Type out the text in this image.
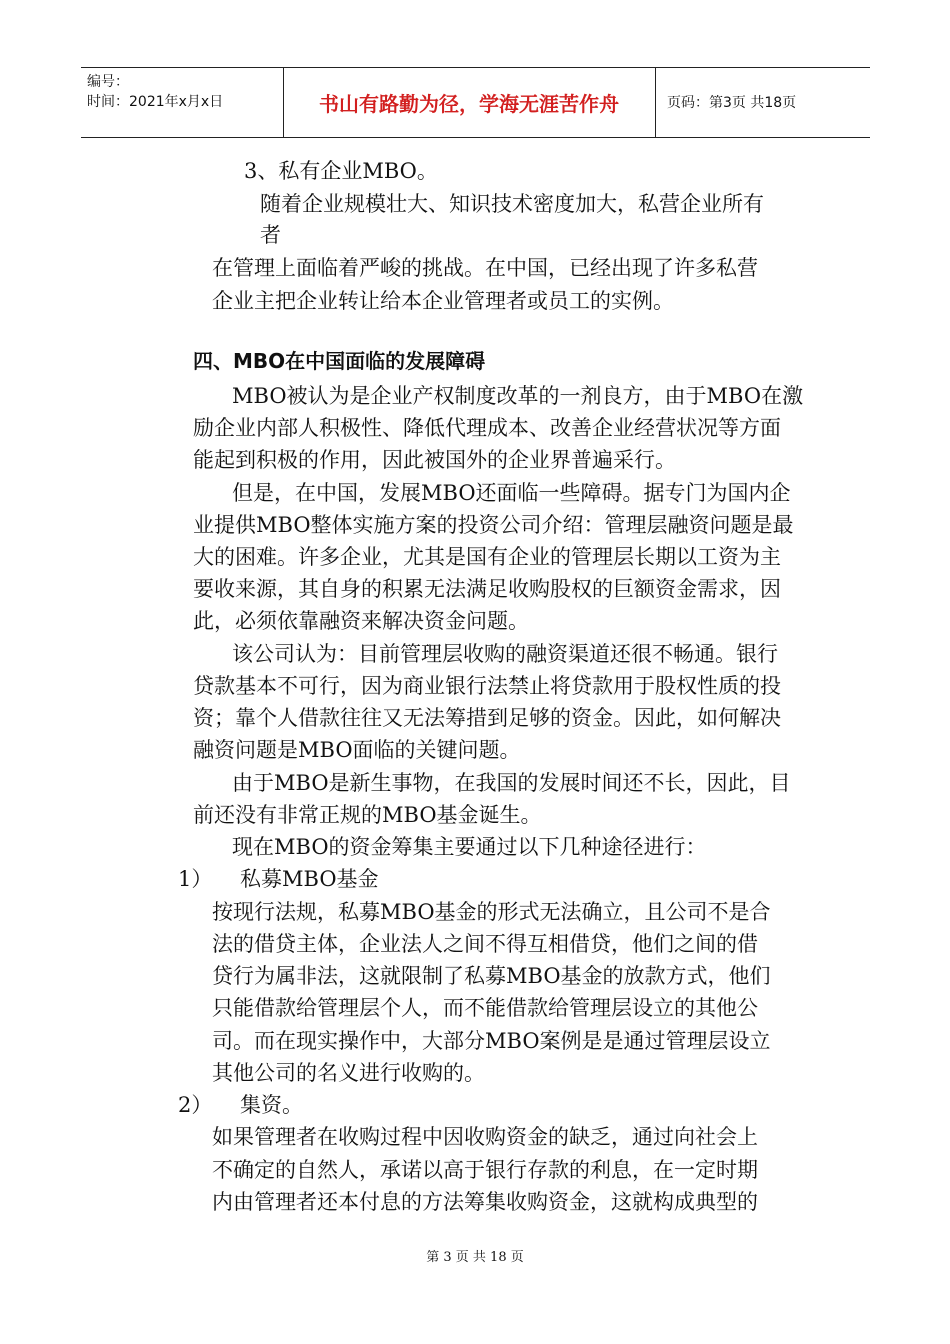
编号：
时间：2021年x月x日	书山有路勤为径，学海无涯苦作舟	页码：第3页 共18页
3、私有企业MBO。
随着企业规模壮大、知识技术密度加大，私营企业所有
者
在管理上面临着严峻的挑战。在中国，已经出现了许多私营
企业主把企业转让给本企业管理者或员工的实例。
四、MBO在中国面临的发展障碍
MBO被认为是企业产权制度改革的一剂良方，由于MBO在激
励企业内部人积极性、降低代理成本、改善企业经营状况等方面
能起到积极的作用，因此被国外的企业界普遍采行。
但是，在中国，发展MBO还面临一些障碍。据专门为国内企
业提供MBO整体实施方案的投资公司介绍：管理层融资问题是最
大的困难。许多企业，尤其是国有企业的管理层长期以工资为主
要收来源，其自身的积累无法满足收购股权的巨额资金需求，因
此，必须依靠融资来解决资金问题。
该公司认为：目前管理层收购的融资渠道还很不畅通。银行
贷款基本不可行，因为商业银行法禁止将贷款用于股权性质的投
资；靠个人借款往往又无法筹措到足够的资金。因此，如何解决
融资问题是MBO面临的关键问题。
由于MBO是新生事物，在我国的发展时间还不长，因此，目
前还没有非常正规的MBO基金诞生。
现在MBO的资金筹集主要通过以下几种途径进行：
1） 私募MBO基金
按现行法规，私募MBO基金的形式无法确立，且公司不是合
法的借贷主体，企业法人之间不得互相借贷，他们之间的借
贷行为属非法，这就限制了私募MBO基金的放款方式，他们
只能借款给管理层个人，而不能借款给管理层设立的其他公
司。而在现实操作中，大部分MBO案例是是通过管理层设立
其他公司的名义进行收购的。
2） 集资。
如果管理者在收购过程中因收购资金的缺乏，通过向社会上
不确定的自然人，承诺以高于银行存款的利息，在一定时期
内由管理者还本付息的方法筹集收购资金，这就构成典型的
第 3 页 共 18 页
